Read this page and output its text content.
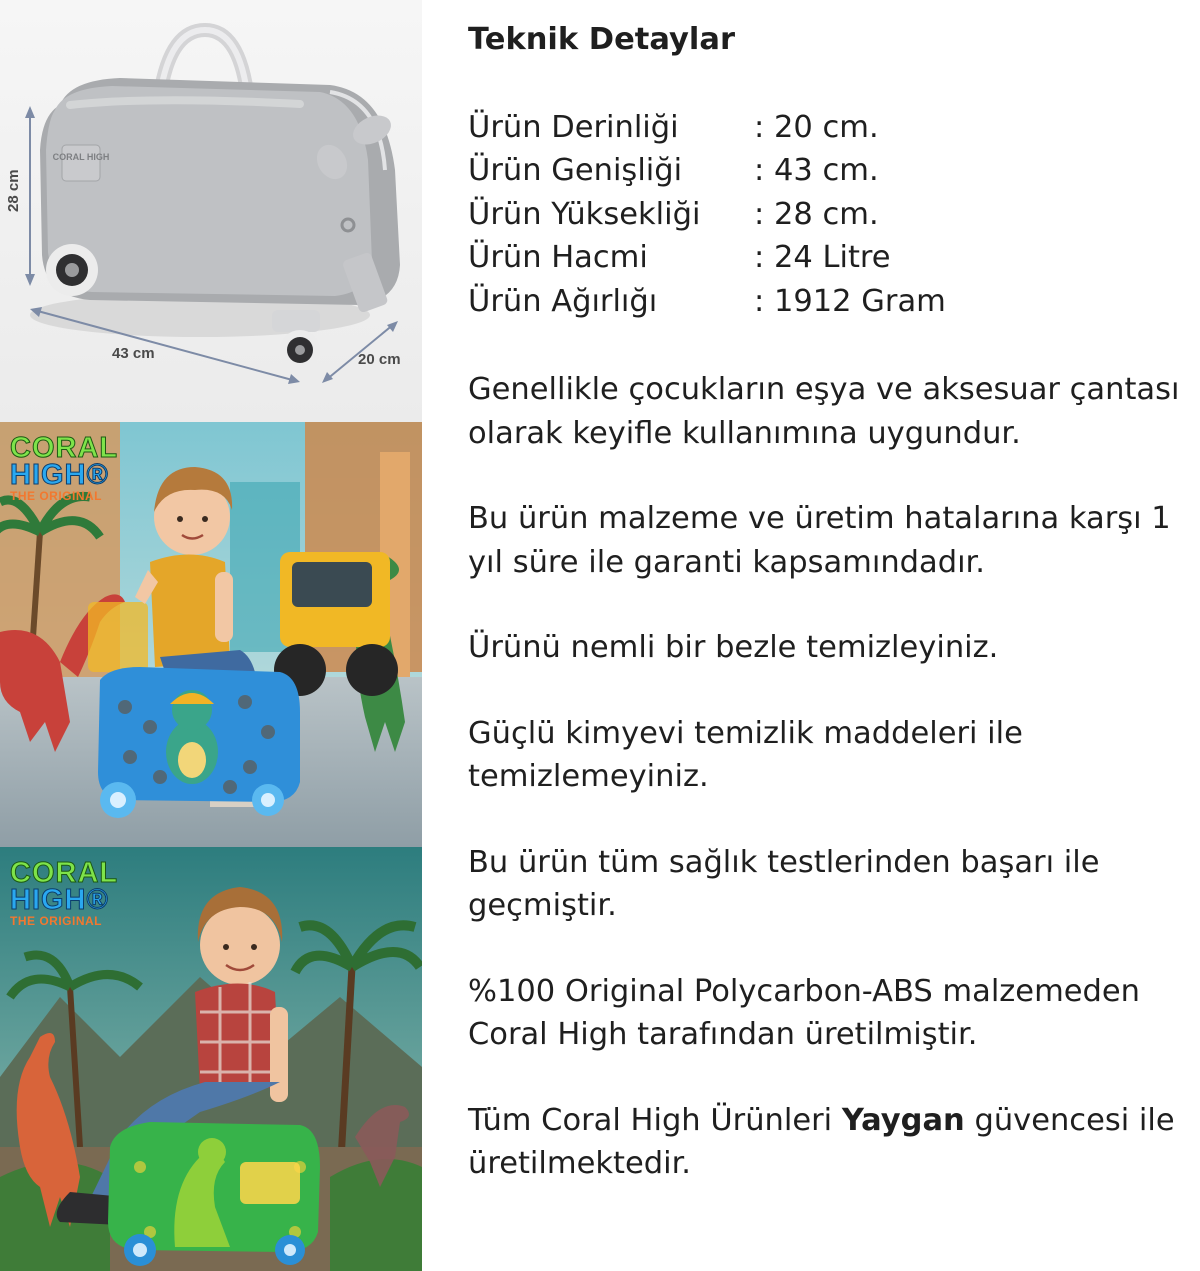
CORAL HIGH
28 cm
43 cm	20 cm
CORAL
HIGH®
THE ORIGINAL
CORAL
HIGH®
THE ORIGINAL
Teknik Detaylar
Ürün Derinliği	: 20 cm.
Ürün Genişliği	: 43 cm.
Ürün Yüksekliği	: 28 cm.
Ürün Hacmi	: 24 Litre
Ürün Ağırlığı	: 1912 Gram
Genellikle çocukların eşya ve aksesuar çantası olarak keyifle kullanımına uygundur.
Bu ürün malzeme ve üretim hatalarına karşı 1 yıl süre ile garanti kapsamındadır.
Ürünü nemli bir bezle temizleyiniz.
Güçlü kimyevi temizlik maddeleri ile temizlemeyiniz.
Bu ürün tüm sağlık testlerinden başarı ile geçmiştir.
%100 Original Polycarbon-ABS malzemeden Coral High tarafından üretilmiştir.
Tüm Coral High Ürünleri Yaygan güvencesi ile üretilmektedir.
